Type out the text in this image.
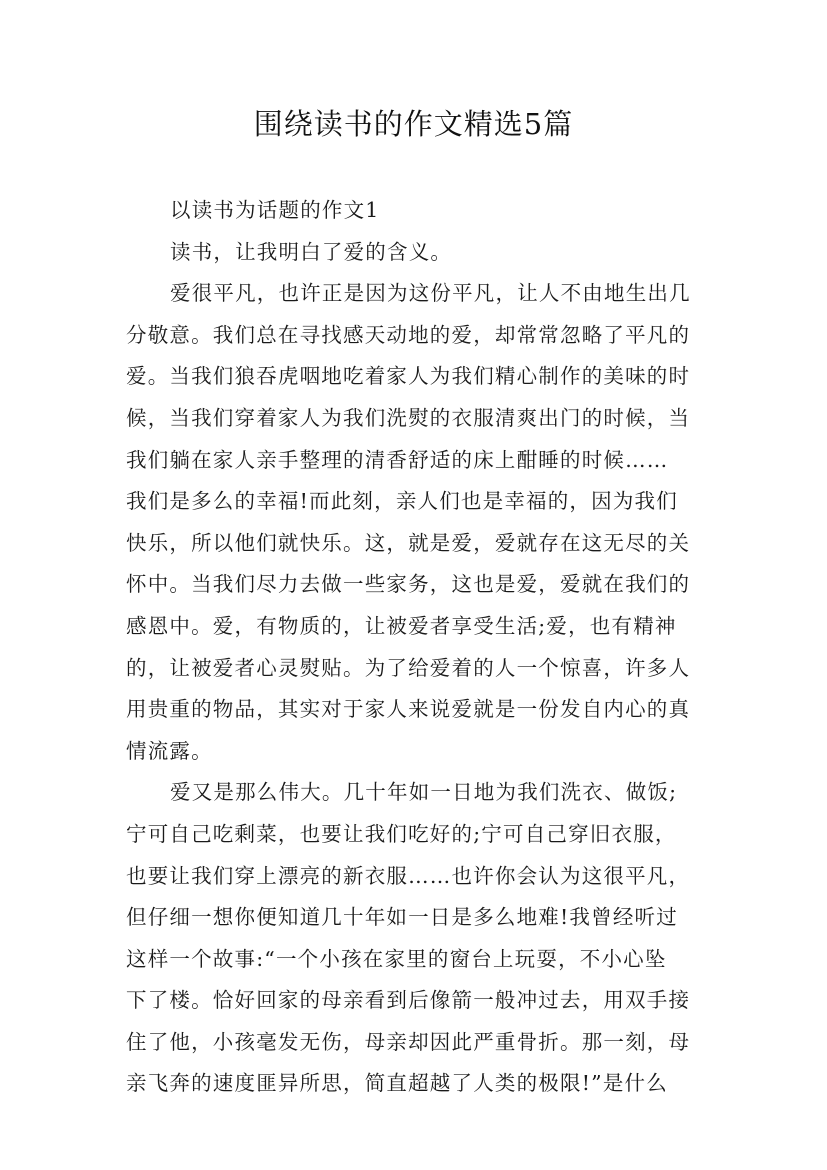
围绕读书的作文精选5篇
以读书为话题的作文1
读书，让我明白了爱的含义。
爱很平凡，也许正是因为这份平凡，让人不由地生出几
分敬意。我们总在寻找感天动地的爱，却常常忽略了平凡的
爱。当我们狼吞虎咽地吃着家人为我们精心制作的美味的时
候，当我们穿着家人为我们洗熨的衣服清爽出门的时候，当
我们躺在家人亲手整理的清香舒适的床上酣睡的时候……
我们是多么的幸福!而此刻，亲人们也是幸福的，因为我们
快乐，所以他们就快乐。这，就是爱，爱就存在这无尽的关
怀中。当我们尽力去做一些家务，这也是爱，爱就在我们的
感恩中。爱，有物质的，让被爱者享受生活;爱，也有精神
的，让被爱者心灵熨贴。为了给爱着的人一个惊喜，许多人
用贵重的物品，其实对于家人来说爱就是一份发自内心的真
情流露。
爱又是那么伟大。几十年如一日地为我们洗衣、做饭;
宁可自己吃剩菜，也要让我们吃好的;宁可自己穿旧衣服，
也要让我们穿上漂亮的新衣服……也许你会认为这很平凡，
但仔细一想你便知道几十年如一日是多么地难!我曾经听过
这样一个故事:“一个小孩在家里的窗台上玩耍，不小心坠
下了楼。恰好回家的母亲看到后像箭一般冲过去，用双手接
住了他，小孩毫发无伤，母亲却因此严重骨折。那一刻，母
亲飞奔的速度匪异所思，简直超越了人类的极限!”是什么
